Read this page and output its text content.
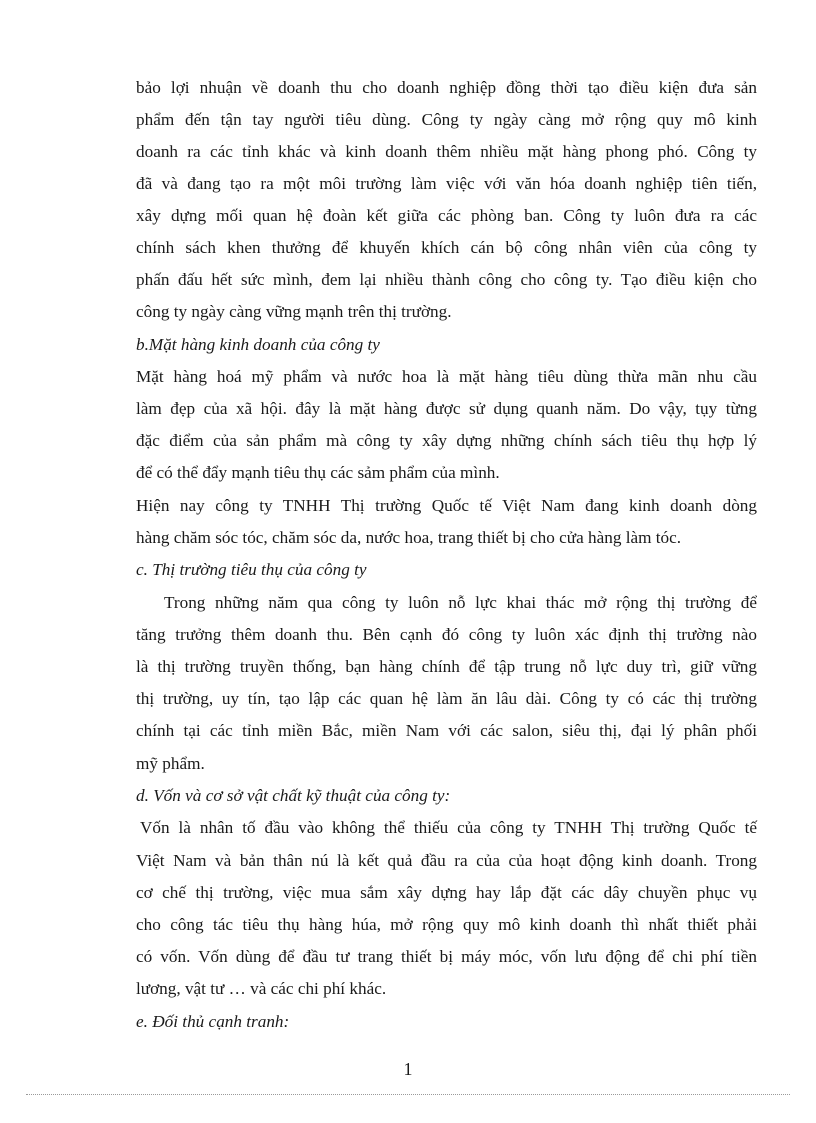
bảo lợi nhuận về doanh thu cho doanh nghiệp đồng thời tạo điều kiện đưa sản
phẩm đến tận tay người tiêu dùng. Công ty ngày càng mở rộng quy mô kinh
doanh ra các tỉnh khác và kinh doanh thêm nhiều mặt hàng phong phó. Công ty
đã và đang tạo ra một môi trường làm việc với văn hóa doanh nghiệp tiên tiến,
xây dựng mối quan hệ đoàn kết giữa các phòng ban. Công ty luôn đưa ra các
chính sách khen thưởng để khuyến khích cán bộ công nhân viên của công ty
phấn đấu hết sức mình, đem lại nhiều thành công cho công ty. Tạo điều kiện cho
công ty ngày càng vững mạnh trên thị trường.
b.Mặt hàng kinh doanh của công ty
Mặt hàng hoá mỹ phẩm và nước hoa là mặt hàng tiêu dùng thừa mãn nhu cầu
làm đẹp của xã hội. đây là mặt hàng được sử dụng quanh năm. Do vậy, tụy từng
đặc điểm của sản phẩm mà công ty xây dựng những chính sách tiêu thụ hợp lý
để có thể đẩy mạnh tiêu thụ các sảm phẩm của mình.
Hiện nay công ty TNHH Thị trường Quốc tế Việt Nam đang kinh doanh dòng
hàng chăm sóc tóc, chăm sóc da, nước hoa, trang thiết bị cho cửa hàng làm tóc.
c. Thị trường tiêu thụ của công ty
Trong những năm qua công ty luôn nỗ lực khai thác mở rộng thị trường để
tăng trưởng thêm doanh thu. Bên cạnh đó công ty luôn xác định thị trường nào
là thị trường truyền thống, bạn hàng chính để tập trung nỗ lực duy trì, giữ vững
thị trường, uy tín, tạo lập các quan hệ làm ăn lâu dài. Công ty có các thị trường
chính tại các tỉnh miền Bắc, miền Nam với các salon, siêu thị, đại lý phân phối
mỹ phẩm.
d. Vốn và cơ sở vật chất kỹ thuật của công ty:
Vốn là nhân tố đầu vào không thể thiếu của công ty TNHH Thị trường Quốc tế
Việt Nam và bản thân nú là kết quả đầu ra của của hoạt động kinh doanh. Trong
cơ chế thị trường, việc mua sắm xây dựng hay lắp đặt các dây chuyền phục vụ
cho công tác tiêu thụ hàng húa, mở rộng quy mô kinh doanh thì nhất thiết phải
có vốn. Vốn dùng để đầu tư trang thiết bị máy móc, vốn lưu động để chi phí tiền
lương, vật tư … và các chi phí khác.
e. Đối thủ cạnh tranh:
1
